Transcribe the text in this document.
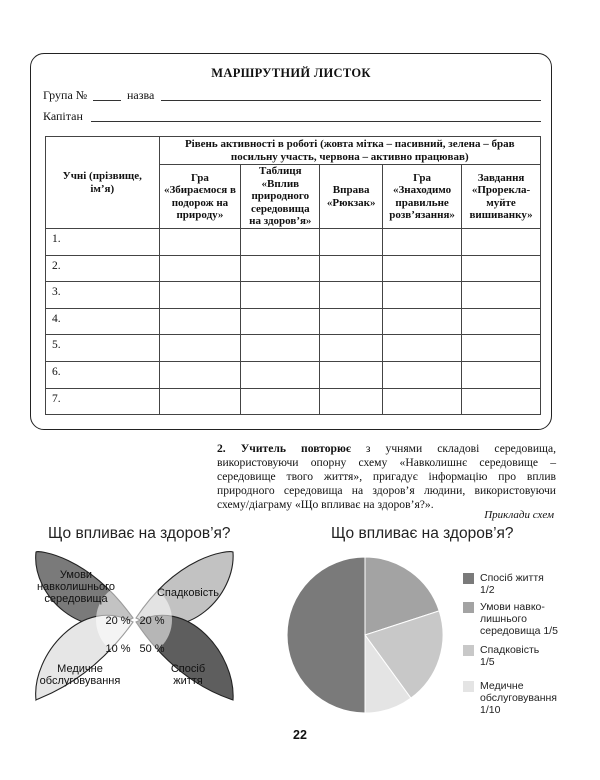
МАРШРУТНИЙ ЛИСТОК
Група №	назва
Капітан
Учні (прізвище, ім’я)	Рівень активності в роботі (жовта мітка – пасивний, зелена – брав посильну участь, червона – активно працював)				
	Гра «Збираємося в подорож на природу»	Таблиця «Вплив природного середовища на здоров’я»	Вправа «Рюкзак»	Гра «Знаходимо правильне розв’язання»	Завдання «Прорекла-муйте вишиванку»
1.					
2.					
3.					
4.					
5.					
6.					
7.					
2. Учитель повторює з учнями складові середовища, використовуючи опорну схему «Навколишнє середовище – середовище твого життя», пригадує інформацію про вплив природного середовища на здоров’я людини, використовуючи схему/діаграму «Що впливає на здоров’я?».
Приклади схем
Що впливає на здоров’я?	Що впливає на здоров’я?
Умови навколишнього середовища	Спадковість
Медичне обслуговування
Спосіб життя
20 % 20 %
10 % 50 %
Спосіб життя
1/2
Умови навко-
лишнього
середовища 1/5
Спадковість
1/5
Медичне
обслуговування
1/10
22
